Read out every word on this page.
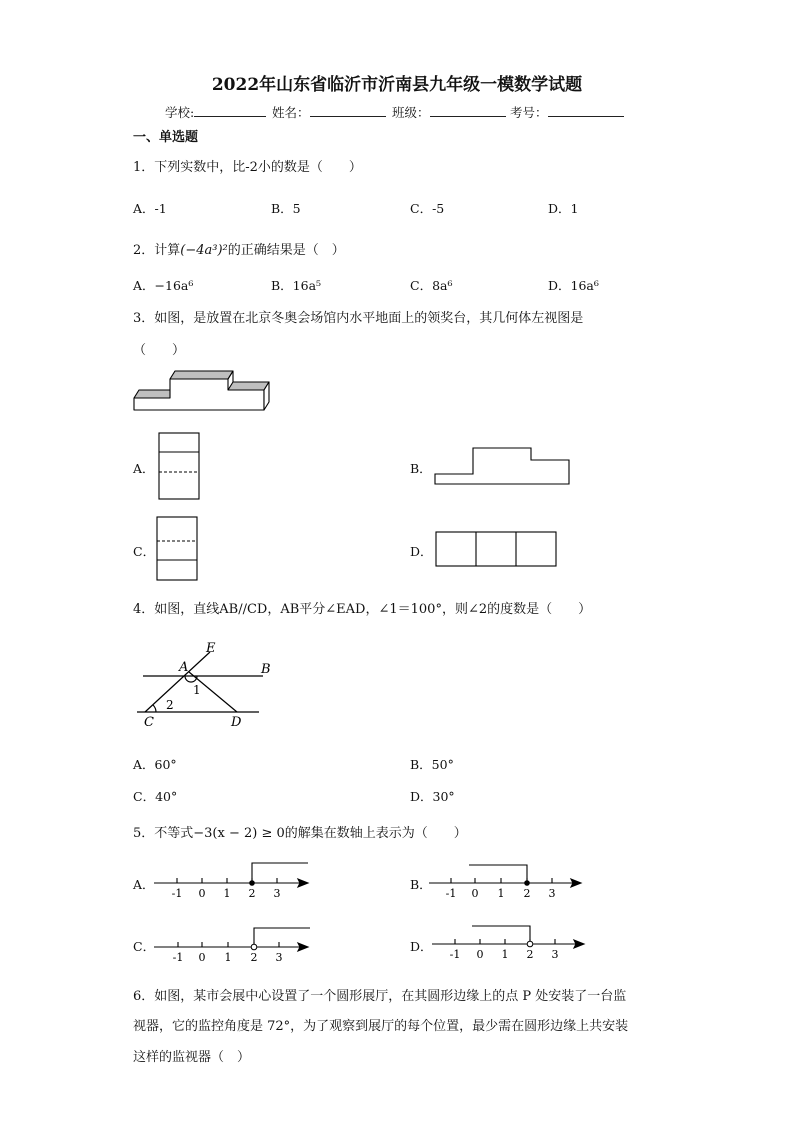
2022年山东省临沂市沂南县九年级一模数学试题
学校:	姓名：	班级：	考号：
一、单选题
1．下列实数中，比-2小的数是（　　）
A．-1	B．5	C．-5	D．1
2．计算(−4a³)²的正确结果是（　）
A．−16a⁶	B．16a⁵	C．8a⁶	D．16a⁶
3．如图，是放置在北京冬奥会场馆内水平地面上的领奖台，其几何体左视图是
（　　）
A．	B．
C．	D．
4．如图，直线AB//CD，AB平分∠EAD，∠1＝100°，则∠2的度数是（　　）
E
A	B
C	D
1
2
A．60°	B．50°
C．40°	D．30°
5．不等式−3(x − 2) ≥ 0的解集在数轴上表示为（　　）
A．
-1 0 1 2 3
B．
-1 0 1 2 3
C．
-1 0 1 2 3
D．
-1 0 1 2 3
6．如图，某市会展中心设置了一个圆形展厅，在其圆形边缘上的点 P 处安装了一台监
视器，它的监控角度是 72°，为了观察到展厅的每个位置，最少需在圆形边缘上共安装
这样的监视器（　）
